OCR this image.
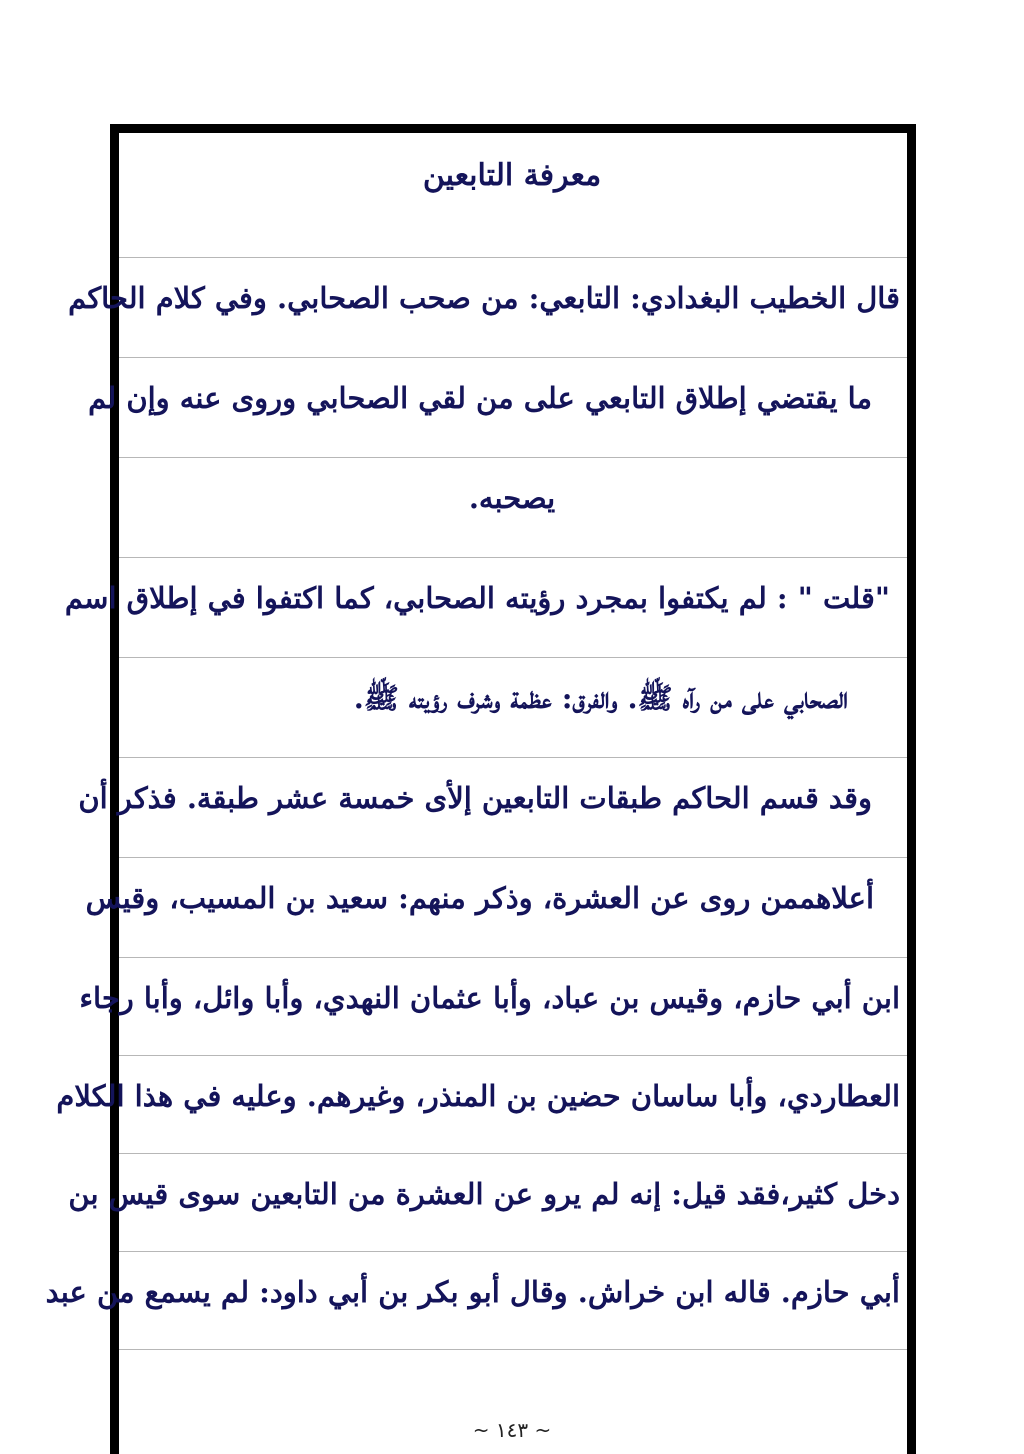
معرفة التابعين
قال الخطيب البغدادي: التابعي: من صحب الصحابي. وفي كلام الحاكم
ما يقتضي إطلاق التابعي على من لقي الصحابي وروى عنه وإن لم
يصحبه.
"قلت " : لم يكتفوا بمجرد رؤيته الصحابي، كما اكتفوا في إطلاق اسم
الصحابي على من رآه ﷺ. والفرق: عظمة وشرف رؤيته ﷺ.
وقد قسم الحاكم طبقات التابعين إلأى خمسة عشر طبقة. فذكر أن
أعلاهممن روى عن العشرة، وذكر منهم: سعيد بن المسيب، وقيس
ابن أبي حازم، وقيس بن عباد، وأبا عثمان النهدي، وأبا وائل، وأبا رجاء
العطاردي، وأبا ساسان حضين بن المنذر، وغيرهم. وعليه في هذا الكلام
دخل كثير،فقد قيل: إنه لم يرو عن العشرة من التابعين سوى قيس بن
أبي حازم. قاله ابن خراش. وقال أبو بكر بن أبي داود: لم يسمع من عبد
~ ١٤٣ ~
